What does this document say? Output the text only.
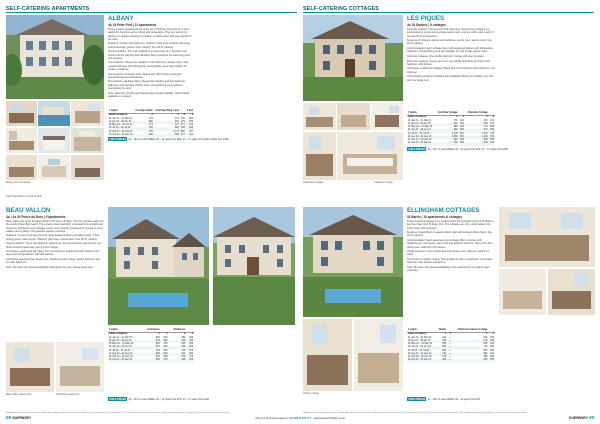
SELF-CATERING APARTMENTS
Albany from the garden
Open plan kitchen, lounge & diner
ALBANY
4♣ St Peter Port | 12 apartments

These modern apartments are at the top of St Peter Port and are a short walk from the town centre, shops and restaurants. They are perfect for families or couples wanting to combine a relaxing stay with easy access to the town.

Features: Garden with barbecue, children's play area, outdoor swimming pool (seasonal), games room, laundry, free Wi-Fi, parking.

Accommodation: The main building is a conversion of a Victorian town house and the purpose-built 4♣ Page Wing overlooks the swimming pool and gardens.

One bedroom: Sleeps two. Double or twin bedroom, shower room, fully-equipped kitchen with dishwasher, lounge/dining area with satellite TV, terrace or balcony.

One bedroom courtyard suite: Sleeps two. With private courtyard, lounge/dining area and kitchen.

Two bedroom 4♣ Page Wing: Sleeps four. Double and twin bedroom, bathroom and separate shower room, lounge/dining area, balcony overlooking the pool.

Note: Saturday, Sunday and Wednesday arrivals available. Short breaks available on request.

7 nights	Courtyard Suite	A.W Page Wing 1 bed		2 bed
Adult occupancy	2	2	3	4
01 Jan 23 – 31 Mar 23	479	475	399	389
01 Apr 23 – 30 Apr 23	599	609	479	459
01 May 23 – 30 Jun 23	773	827	577	576
01 Jul 23 – 31 Jul 23	795	882	638	628
01 Aug 23 – 31 Aug 23	799	1,174	868	787
01 Sep 23 – 31 Dec 23	599	596	477	451
CHILD PRICES	01 – 06 2-3 years FREE | 04 – 12 years from £99 | 13 – 17 years from £129 | adults from £199
BEAU VALLON
4♣ / 4♣ St Pierre du Bois | 9 apartments

Beau Vallon sits in the beautiful parish of St Pierre du Bois, only five minutes walk from the sandy L'Eree Bay beach. The property was beautifully renovated from a traditional Guernsey farmhouse and cottages, and is now perfectly positioned for guests to enjoy walking and cycling in the peaceful western parishes.

Features: 5 acres of private grounds, large heated outdoor pool (May–Sept), 3 hole putting green, table tennis, children's play area, croquet lawn, free Wi-Fi, parking.

Accommodation: Three one bedroom apartments, five two bedroom apartments, one three bedroom apartment and a 2 bed cottage.

Farmhouse apartments 4♣: Sleep four, two bedroom apartments with shower room, open plan lounge/kitchen with dishwasher.

Penthouse apartment 4♣: Sleeps four. Apartment with a large, double bedroom and en-suite bathroom.

Note: We have only limited availability throughout the year, please book early.

7 nights	Farmhouse		Penthouse	
Adult occupancy	2	4	2	4
01 Jan 23 – 31 Mar 23	489	369	389	299
01 Apr 23 – 30 Apr 23	549	399	449	349
01 May 23 – 31 May 23	629	449	549	429
01 Jun 23 – 30 Jun 23	679	529	599	499
01 Jul 23 – 31 Jul 23	799	589	729	579
01 Aug 23 – 31 Aug 23	899	669	849	699
01 Sep 23 – 30 Sep 23	639	499	579	479
01 Oct 23 – 31 Dec 23	489	379	439	329
CHILD PRICES	01 – 06 2-3 years FREE | 04 – 12 years from £79 | 13 – 17 years from £109
Beau Vallon apartments	Farmhouse apartment
Holiday prices (except prices based on Condor day sailing) include return travel by car from Poole to Guernsey (3hr) or Portsmouth (7hr). Prices based on fast ferry from Poole. Flight supplements apply. See page 6 for full terms and prices for other ports.
68 GUERNSEY
SELF-CATERING COTTAGES
Hedrangea cottage	Character cottage
LES PIQUES
4♣ St Saviour | 9 cottages

Centrally located in the heart of rural Guernsey, these luxury cottages are surrounded by ponds and a private tennis court, and are within easy reach of the island's finest beaches.

Features: 8 cottages, garden and barbecue, tennis court, games room, free Wi-Fi, parking.

Accommodation: Each cottage has a fully-equipped kitchen with dishwasher, bathroom, lounge/dining area with satellite TV, and private garden area.

Gold star cottages: One double bedroom, lounge with open fireplace.

Ebenezer cottages: Sleeps up to six, two double bedrooms and twin room, bathroom with shower.

Hedrangea & Wisteria cottages: Sleep four, two bedrooms with bathroom, one sofa bed.

Honeysuckle and Rose Cottages also available offering one double, one twin and one single bed.

7 nights	Gold Star Cottage		Character Cottage	
Adult occupancy	2	4	2	4
01 Jan 23 – 31 Mar 23	735	491	619	419
01 Apr 23 – 30 Apr 23	819	549	699	479
01 May 23 – 31 May 23	899	609	779	529
01 Jun 23 – 30 Jun 23	999	685	879	599
01 Jul 23 – 31 Jul 23	1,179	819	1,029	719
01 Aug 23 – 31 Aug 23	1,259	879	1,099	769
01 Sep 23 – 30 Sep 23	929	639	809	559
01 Oct 23 – 31 Dec 23	759	509	649	439
CHILD PRICES	01 – 06 2-3 years FREE | 04 – 12 years from £79 | 13 – 17 years from £109
Classic cottage
ELLINGHAM COTTAGES
St Martin | 10 apartments & cottages

These detached cottages are nestled within the beautiful parish of St Martins, just five miles from St Peter Port. The cottages are only a short walk to the south coast cliffs and bays.

Features: Guest library, heated outdoor pool with loungers (May–Sept), free Wi-Fi, parking.

Accommodation: Each apartment and cottage offers a kitchen with fridge/freezer, microwave, oven, hob and washing machine, living room with dining area, bathroom and shower.

Studio apartment: One double bed and shower room. Sleeps 2 adults & 1 infant.

Two bedroom classic cottage: One double and twin, a bathroom, downstairs bathroom with shower and kitchen.

Note: We have only limited availability in the apartments, two nights stays permitted.

7 nights	Studio		2 Bedroom Classic Cottage	
Adult occupancy	2	4	2	4
01 Jan 23 – 31 Mar 23	449	—	519	359
01 Apr 23 – 30 Apr 23	499	—	579	399
01 May 23 – 31 May 23	549	—	649	449
01 Jun 23 – 30 Jun 23	599	—	719	489
01 Jul 23 – 31 Jul 23	689	—	819	569
01 Aug 23 – 31 Aug 23	749	—	899	619
01 Sep 23 – 30 Sep 23	579	—	689	469
01 Oct 23 – 31 Dec 23	469	—	539	369
CHILD PRICES	01 – 06 2-3 years FREE | 04 – 12 years from £79
Holiday prices (except prices based on Condor day sailing) include return travel by car from Poole to Guernsey (3hr) or Portsmouth (7hr). Prices based on fast ferry from Poole. Flight supplements apply. See page 6 for full terms and prices for other ports.
GUERNSEY 69
visit your local travel agent or call 08444 937 777 www.premierholidays.co.uk
